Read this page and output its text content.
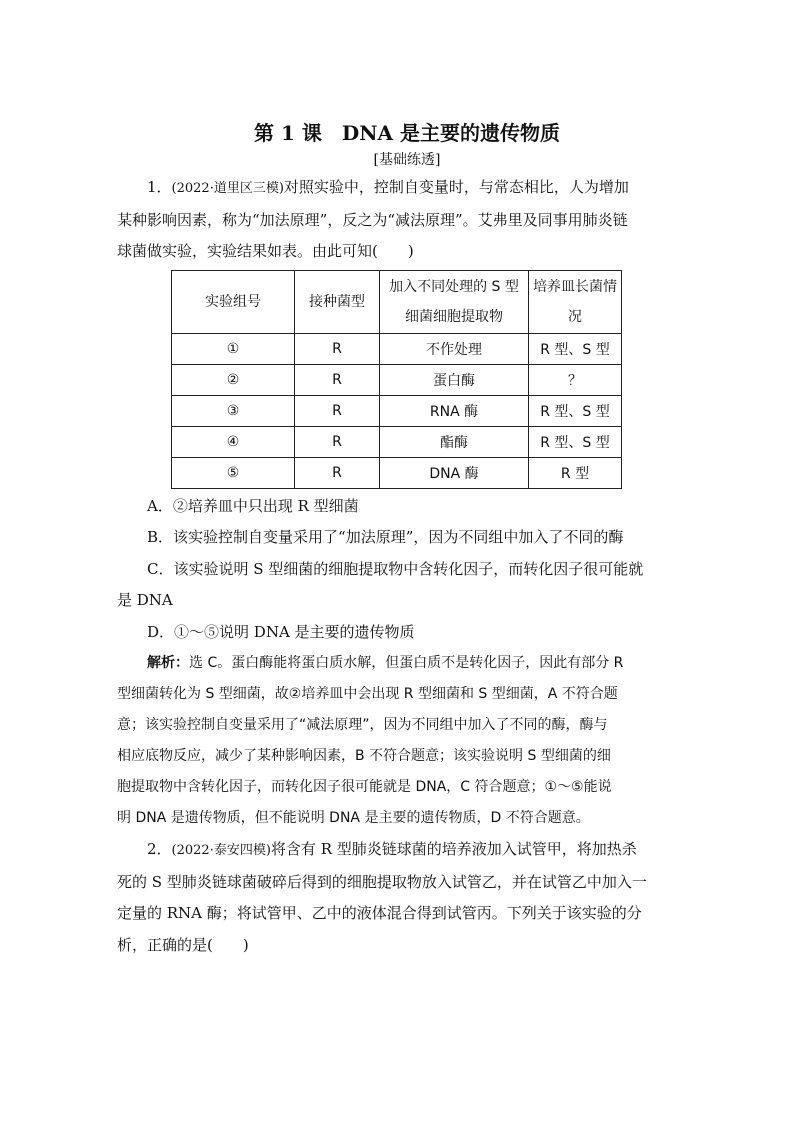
第 1 课　DNA 是主要的遗传物质
[基础练透]

1．(2022·道里区三模)对照实验中，控制自变量时，与常态相比，人为增加

某种影响因素，称为“加法原理”，反之为“减法原理”。艾弗里及同事用肺炎链

球菌做实验，实验结果如表。由此可知(　　)

实验组号	接种菌型	加入不同处理的 S 型细菌细胞提取物	培养皿长菌情况
①	R	不作处理	R 型、S 型
②	R	蛋白酶	？
③	R	RNA 酶	R 型、S 型
④	R	酯酶	R 型、S 型
⑤	R	DNA 酶	R 型

A．②培养皿中只出现 R 型细菌

B．该实验控制自变量采用了“加法原理”，因为不同组中加入了不同的酶

C．该实验说明 S 型细菌的细胞提取物中含转化因子，而转化因子很可能就

是 DNA

D．①～⑤说明 DNA 是主要的遗传物质

解析：选 C。蛋白酶能将蛋白质水解，但蛋白质不是转化因子，因此有部分 R

型细菌转化为 S 型细菌，故②培养皿中会出现 R 型细菌和 S 型细菌，A 不符合题

意；该实验控制自变量采用了“减法原理”，因为不同组中加入了不同的酶，酶与

相应底物反应，减少了某种影响因素，B 不符合题意；该实验说明 S 型细菌的细

胞提取物中含转化因子，而转化因子很可能就是 DNA，C 符合题意；①～⑤能说

明 DNA 是遗传物质，但不能说明 DNA 是主要的遗传物质，D 不符合题意。

2．(2022·泰安四模)将含有 R 型肺炎链球菌的培养液加入试管甲，将加热杀

死的 S 型肺炎链球菌破碎后得到的细胞提取物放入试管乙，并在试管乙中加入一

定量的 RNA 酶；将试管甲、乙中的液体混合得到试管丙。下列关于该实验的分

析，正确的是(　　)
